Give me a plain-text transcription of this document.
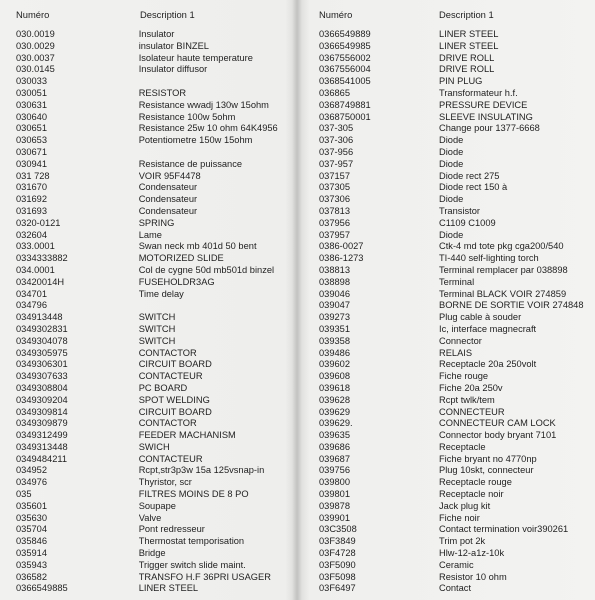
Numéro	Description 1
030.0019	Insulator
030.0029	insulator BINZEL
030.0037	Isolateur haute temperature
030.0145	Insulator diffusor
030033
030051	RESISTOR
030631	Resistance wwadj 130w 15ohm
030640	Resistance 100w 5ohm
030651	Resistance 25w 10 ohm 64K4956
030653	Potentiometre 150w 15ohm
030671
030941	Resistance de puissance
031 728	VOIR 95F4478
031670	Condensateur
031692	Condensateur
031693	Condensateur
0320-0121	SPRING
032604	Lame
033.0001	Swan neck mb 401d 50 bent
0334333882	MOTORIZED SLIDE
034.0001	Col de cygne 50d mb501d binzel
03420014H	FUSEHOLDR3AG
034701	Time delay
034796
034913448	SWITCH
034930283​1	SWITCH
0349304078	SWITCH
0349305975	CONTACTOR
0349306301	CIRCUIT BOARD
0349307633	CONTACTEUR
0349308804	PC BOARD
0349309204	SPOT WELDING
0349309814	CIRCUIT BOARD
0349309879	CONTACTOR
0349312499	FEEDER MACHANISM
0349313448	SWICH
0349484211	CONTACTEUR
034952	Rcpt,str3p3w 15a 125vsnap-in
034976	Thyristor, scr
035	FILTRES MOINS DE 8 PO
035601	Soupape
035630	Valve
035704	Pont redresseur
035846	Thermostat temporisation
035914	Bridge
035943	Trigger switch slide maint.
036582	TRANSFO H.F 36PRI USAGER
0366549885	LINER STEEL
Numéro	Description 1
0366549889	LINER STEEL
0366549985	LINER STEEL
0367556002	DRIVE ROLL
0367556004	DRIVE ROLL
0368541005	PIN PLUG
036865	Transformateur h.f.
0368749881	PRESSURE DEVICE
0368750001	SLEEVE INSULATING
037-305	Change pour 1377-6668
037-306	Diode
037-956	Diode
037-957	Diode
037157	Diode rect 275
037305	Diode rect 150 à
037306	Diode
037813	Transistor
037956	C1109 C1009
037957	Diode
0386-0027	Ctk-4 md tote pkg cga200/540
0386-1273	TI-440 self-lighting torch
038813	Terminal remplacer par 038898
038898	Terminal
039046	Terminal BLACK VOIR 274859
039047	BORNE DE SORTIE VOIR 274848
039273	Plug cable à souder
039351	Ic, interface magnecraft
039358	Connector
039486	RELAIS
039602	Receptacle 20a 250volt
039608	Fiche rouge
039618	Fiche 20a 250v
039628	Rcpt twlk/tem
039629	CONNECTEUR
039629.	CONNECTEUR CAM LOCK
039635	Connector body bryant 7101
039686	Receptacle
039687	Fiche bryant no 4770np
039756	Plug 10skt, connecteur
039800	Receptacle rouge
039801	Receptacle noir
039878	Jack plug kit
039901	Fiche noir
03C3508	Contact termination voir390261
03F3849	Trim pot 2k
03F4728	Hlw-12-a1z-10k
03F5090	Ceramic
03F5098	Resistor 10 ohm
03F6497	Contact
